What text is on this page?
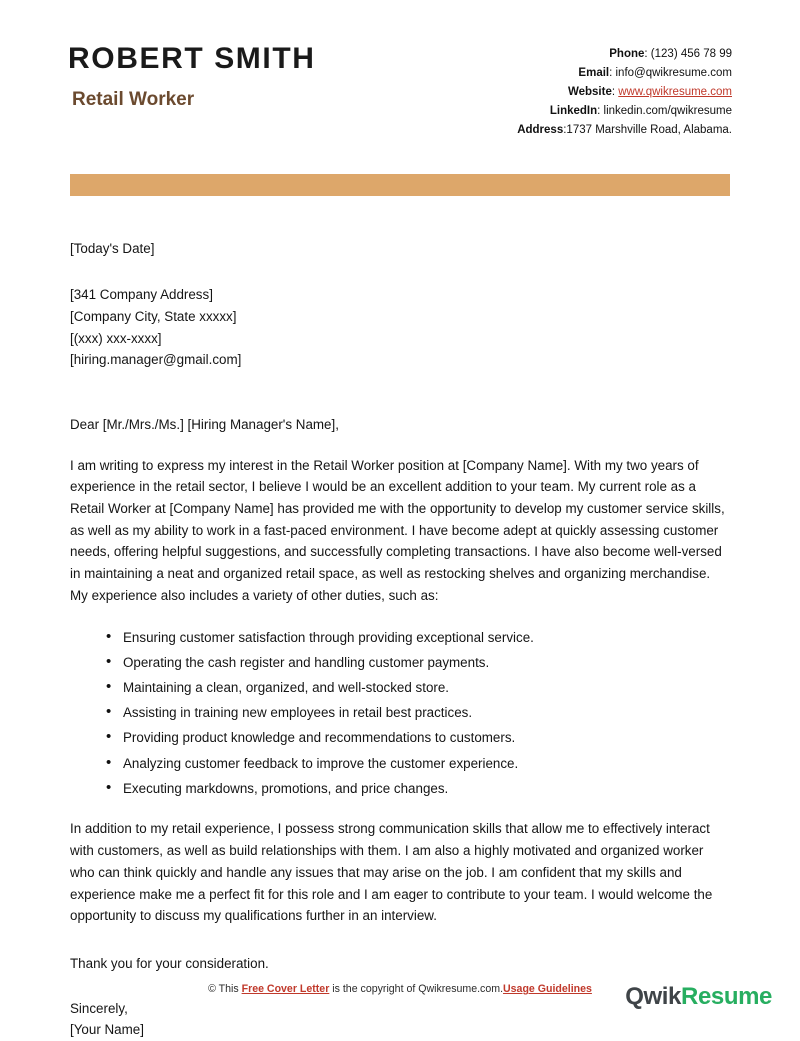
ROBERT SMITH
Retail Worker
Phone: (123) 456 78 99
Email: info@qwikresume.com
Website: www.qwikresume.com
LinkedIn: linkedin.com/qwikresume
Address:1737 Marshville Road, Alabama.
[Today's Date]
[341 Company Address]
[Company City, State xxxxx]
[(xxx) xxx-xxxx]
[hiring.manager@gmail.com]
Dear [Mr./Mrs./Ms.] [Hiring Manager's Name],
I am writing to express my interest in the Retail Worker position at [Company Name]. With my two years of experience in the retail sector, I believe I would be an excellent addition to your team. My current role as a Retail Worker at [Company Name] has provided me with the opportunity to develop my customer service skills, as well as my ability to work in a fast-paced environment. I have become adept at quickly assessing customer needs, offering helpful suggestions, and successfully completing transactions. I have also become well-versed in maintaining a neat and organized retail space, as well as restocking shelves and organizing merchandise. My experience also includes a variety of other duties, such as:
• Ensuring customer satisfaction through providing exceptional service.
• Operating the cash register and handling customer payments.
• Maintaining a clean, organized, and well-stocked store.
• Assisting in training new employees in retail best practices.
• Providing product knowledge and recommendations to customers.
• Analyzing customer feedback to improve the customer experience.
• Executing markdowns, promotions, and price changes.
In addition to my retail experience, I possess strong communication skills that allow me to effectively interact with customers, as well as build relationships with them. I am also a highly motivated and organized worker who can think quickly and handle any issues that may arise on the job. I am confident that my skills and experience make me a perfect fit for this role and I am eager to contribute to your team. I would welcome the opportunity to discuss my qualifications further in an interview.
Thank you for your consideration.
Sincerely,
[Your Name]
© This Free Cover Letter is the copyright of Qwikresume.com.Usage Guidelines	QwikResume
